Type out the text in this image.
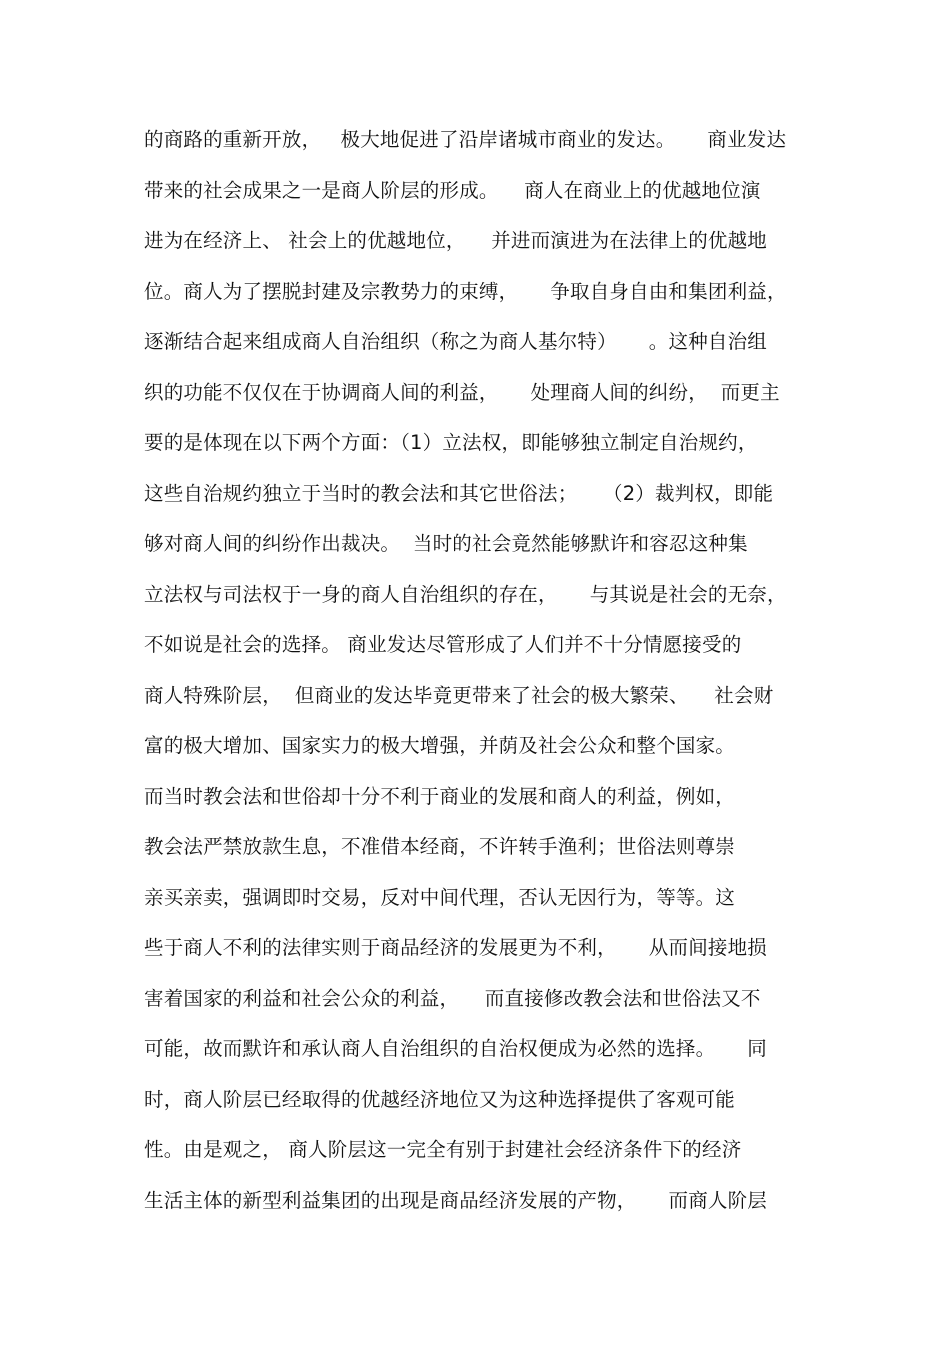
的商路的重新开放，   极大地促进了沿岸诸城市商业的发达。     商业发达
带来的社会成果之一是商人阶层的形成。    商人在商业上的优越地位演
进为在经济上、 社会上的优越地位，    并进而演进为在法律上的优越地
位。商人为了摆脱封建及宗教势力的束缚，     争取自身自由和集团利益，
逐渐结合起来组成商人自治组织（称之为商人基尔特）     。这种自治组
织的功能不仅仅在于协调商人间的利益，     处理商人间的纠纷，  而更主
要的是体现在以下两个方面：（1）立法权，即能够独立制定自治规约，
这些自治规约独立于当时的教会法和其它世俗法；    （2）裁判权，即能
够对商人间的纠纷作出裁决。  当时的社会竟然能够默许和容忍这种集
立法权与司法权于一身的商人自治组织的存在，     与其说是社会的无奈，
不如说是社会的选择。 商业发达尽管形成了人们并不十分情愿接受的
商人特殊阶层，  但商业的发达毕竟更带来了社会的极大繁荣、    社会财
富的极大增加、国家实力的极大增强，并荫及社会公众和整个国家。
而当时教会法和世俗却十分不利于商业的发展和商人的利益，例如，
教会法严禁放款生息，不准借本经商，不许转手渔利；世俗法则尊崇
亲买亲卖，强调即时交易，反对中间代理，否认无因行为，等等。这
些于商人不利的法律实则于商品经济的发展更为不利，     从而间接地损
害着国家的利益和社会公众的利益，    而直接修改教会法和世俗法又不
可能，故而默许和承认商人自治组织的自治权便成为必然的选择。     同
时，商人阶层已经取得的优越经济地位又为这种选择提供了客观可能
性。由是观之， 商人阶层这一完全有别于封建社会经济条件下的经济
生活主体的新型利益集团的出现是商品经济发展的产物，     而商人阶层
